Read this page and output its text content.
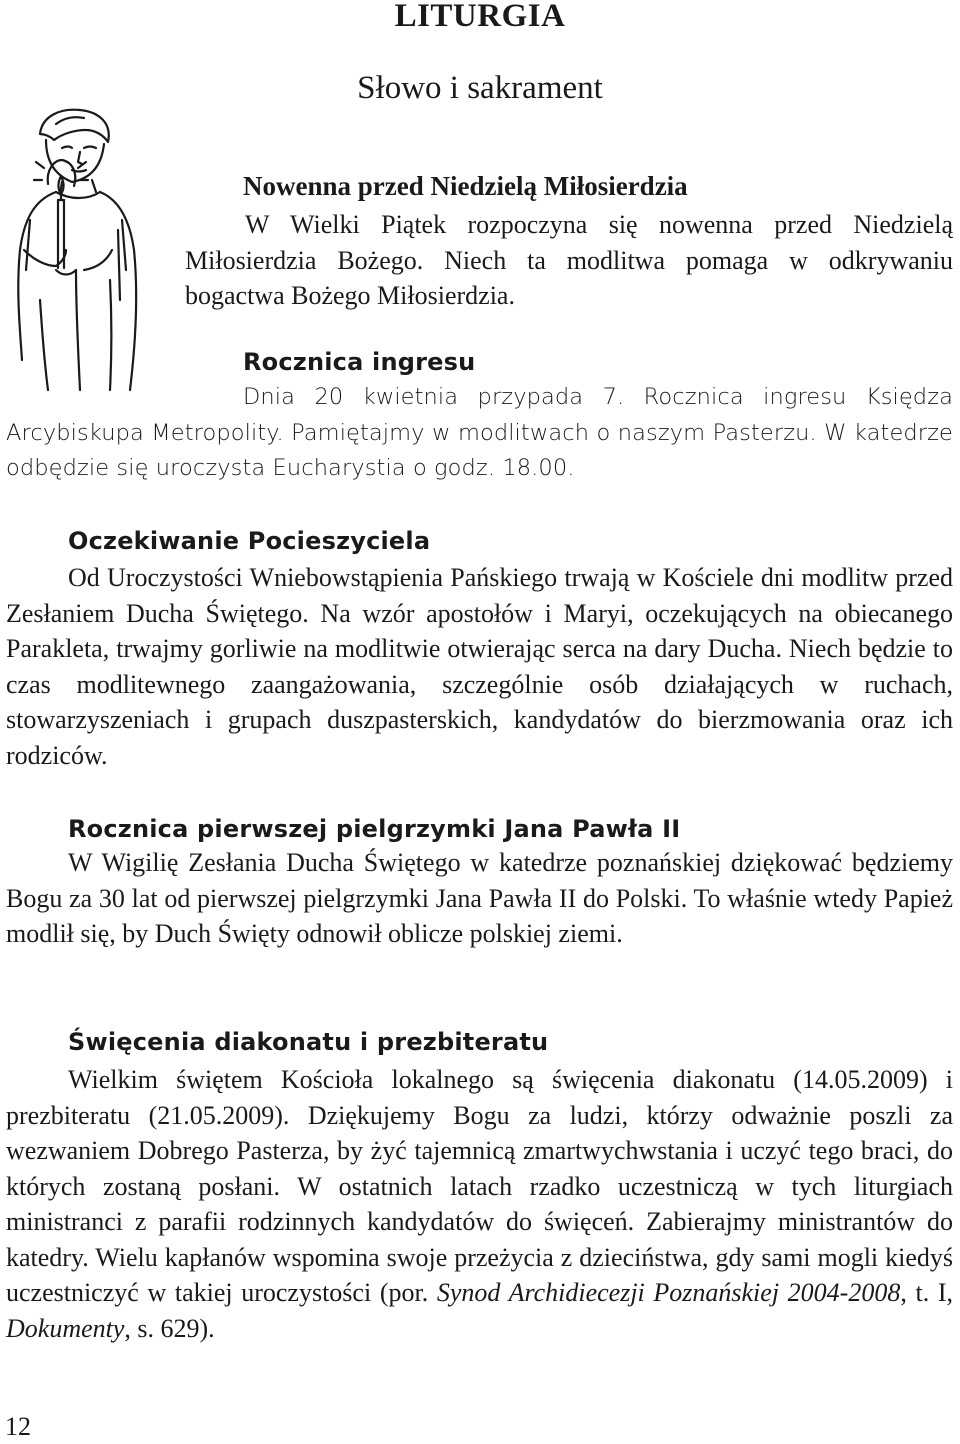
LITURGIA
Słowo i sakrament
Nowenna przed Niedzielą Miłosierdzia

W Wielki Piątek rozpoczyna się nowenna przed Niedzielą Miłosierdzia Bożego. Niech ta modlitwa pomaga w odkrywaniu bogactwa Bożego Miłosierdzia.

Rocznica ingresu

Dnia 20 kwietnia przypada 7. Rocznica ingresu Księdza Arcybiskupa Metropolity. Pamiętajmy w modlitwach o naszym Pasterzu. W katedrze odbędzie się uroczysta Eucharystia o godz. 18.00.

Oczekiwanie Pocieszyciela

Od Uroczystości Wniebowstąpienia Pańskiego trwają w Kościele dni modlitw przed Zesłaniem Ducha Świętego. Na wzór apostołów i Maryi, oczekujących na obiecanego Parakleta, trwajmy gorliwie na modlitwie otwierając serca na dary Ducha. Niech będzie to czas modlitewnego zaangażowania, szczególnie osób działających w ruchach, stowarzyszeniach i grupach duszpasterskich, kandydatów do bierzmowania oraz ich rodziców.

Rocznica pierwszej pielgrzymki Jana Pawła II

W Wigilię Zesłania Ducha Świętego w katedrze poznańskiej dziękować będziemy Bogu za 30 lat od pierwszej pielgrzymki Jana Pawła II do Polski. To właśnie wtedy Papież modlił się, by Duch Święty odnowił oblicze polskiej ziemi.

Święcenia diakonatu i prezbiteratu

Wielkim świętem Kościoła lokalnego są święcenia diakonatu (14.05.2009) i prezbiteratu (21.05.2009). Dziękujemy Bogu za ludzi, którzy odważnie poszli za wezwaniem Dobrego Pasterza, by żyć tajemnicą zmartwychwstania i uczyć tego braci, do których zostaną posłani. W ostatnich latach rzadko uczestniczą w tych liturgiach ministranci z parafii rodzinnych kandydatów do święceń. Zabierajmy ministrantów do katedry. Wielu kapłanów wspomina swoje przeżycia z dzieciństwa, gdy sami mogli kiedyś uczestniczyć w takiej uroczystości (por. Synod Archidiecezji Poznańskiej 2004-2008, t. I, Dokumenty, s. 629).

12
